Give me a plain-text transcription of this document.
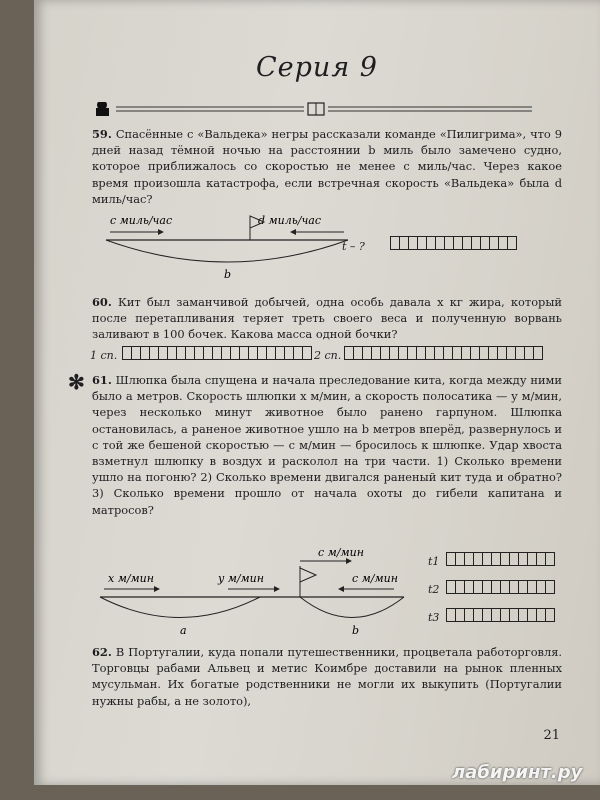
Серия 9
59. Спасённые с «Вальдека» негры рассказали команде «Пилигрима», что 9 дней назад тёмной ночью на расстоянии b миль было замечено судно, которое приближалось со скоростью не менее c миль/час. Через какое время произошла катастрофа, если встречная скорость «Вальдека» была d миль/час?
c миль/час	d миль/час
b
t – ?
60. Кит был заманчивой добычей, одна особь давала x кг жира, который после перетапливания теряет треть своего веса и полученную ворвань заливают в 100 бочек. Какова масса одной бочки?
1 сп.	2 сп.
✻ 61. Шлюпка была спущена и начала преследование кита, когда между ними было a метров. Скорость шлюпки x м/мин, а скорость полосатика — y м/мин, через несколько минут животное было ранено гарпуном. Шлюпка остановилась, а раненое животное ушло на b метров вперёд, развернулось и с той же бешеной скоростью — c м/мин — бросилось к шлюпке. Удар хвоста взметнул шлюпку в воздух и расколол на три части. 1) Сколько времени ушло на погоню? 2) Сколько времени двигался раненый кит туда и обратно? 3) Сколько времени прошло от начала охоты до гибели капитана и матросов?
c м/мин
x м/мин	y м/мин	c м/мин
a	b
t1
t2
t3
62. В Португалии, куда попали путешественники, процветала работорговля. Торговцы рабами Альвец и метис Коимбре доставили на рынок пленных мусульман. Их богатые родственники не могли их выкупить (Португалии нужны рабы, а не золото),
21
лабиринт.ру
